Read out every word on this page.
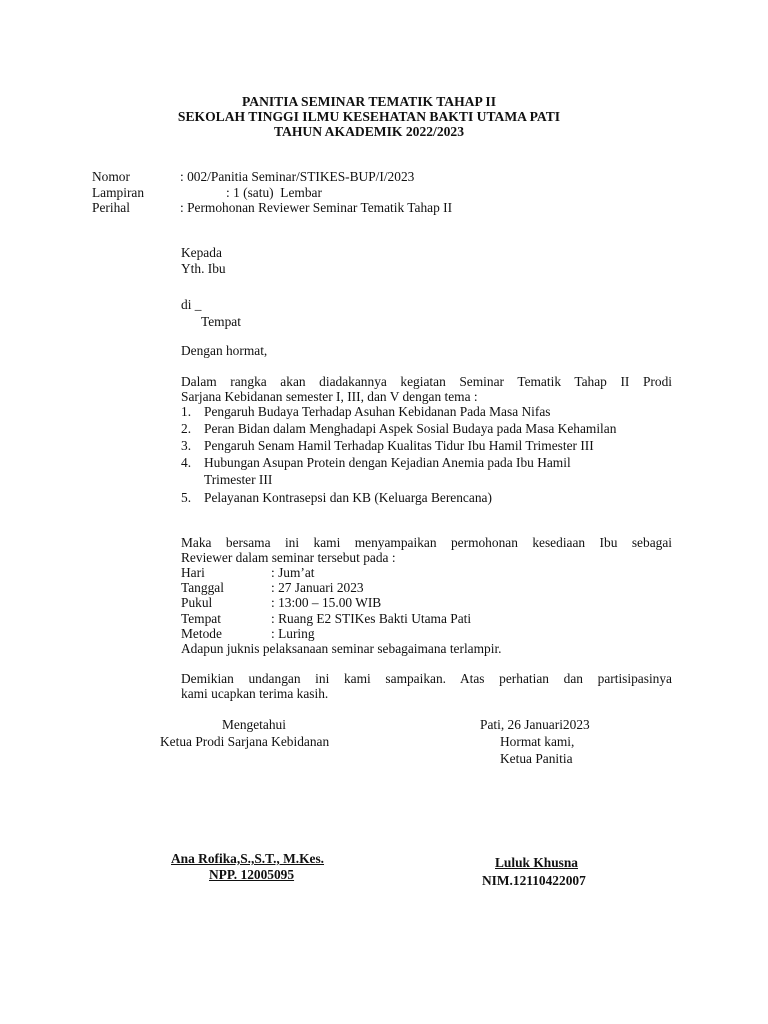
PANITIA SEMINAR TEMATIK TAHAP II
SEKOLAH TINGGI ILMU KESEHATAN BAKTI UTAMA PATI
TAHUN AKADEMIK 2022/2023
Nomor	: 002/Panitia Seminar/STIKES-BUP/I/2023
Lampiran	: 1 (satu)  Lembar
Perihal	: Permohonan Reviewer Seminar Tematik Tahap II
Kepada
Yth. Ibu
di _
Tempat
Dengan hormat,
Dalam rangka akan diadakannya kegiatan Seminar Tematik Tahap II Prodi
Sarjana Kebidanan semester I, III, dan V dengan tema :
1. Pengaruh Budaya Terhadap Asuhan Kebidanan Pada Masa Nifas
2. Peran Bidan dalam Menghadapi Aspek Sosial Budaya pada Masa Kehamilan
3. Pengaruh Senam Hamil Terhadap Kualitas Tidur Ibu Hamil Trimester III
4. Hubungan Asupan Protein dengan Kejadian Anemia pada Ibu Hamil
Trimester III
5. Pelayanan Kontrasepsi dan KB (Keluarga Berencana)
Maka bersama ini kami menyampaikan permohonan kesediaan Ibu sebagai
Reviewer dalam seminar tersebut pada :
Hari	: Jum’at
Tanggal	: 27 Januari 2023
Pukul	: 13:00 – 15.00 WIB
Tempat	: Ruang E2 STIKes Bakti Utama Pati
Metode	: Luring
Adapun juknis pelaksanaan seminar sebagaimana terlampir.
Demikian undangan ini kami sampaikan. Atas perhatian dan partisipasinya
kami ucapkan terima kasih.
Mengetahui
Ketua Prodi Sarjana Kebidanan
Pati, 26 Januari2023
Hormat kami,
Ketua Panitia
Ana Rofika,S.,S.T., M.Kes.
NPP. 12005095
Luluk Khusna
NIM.12110422007
